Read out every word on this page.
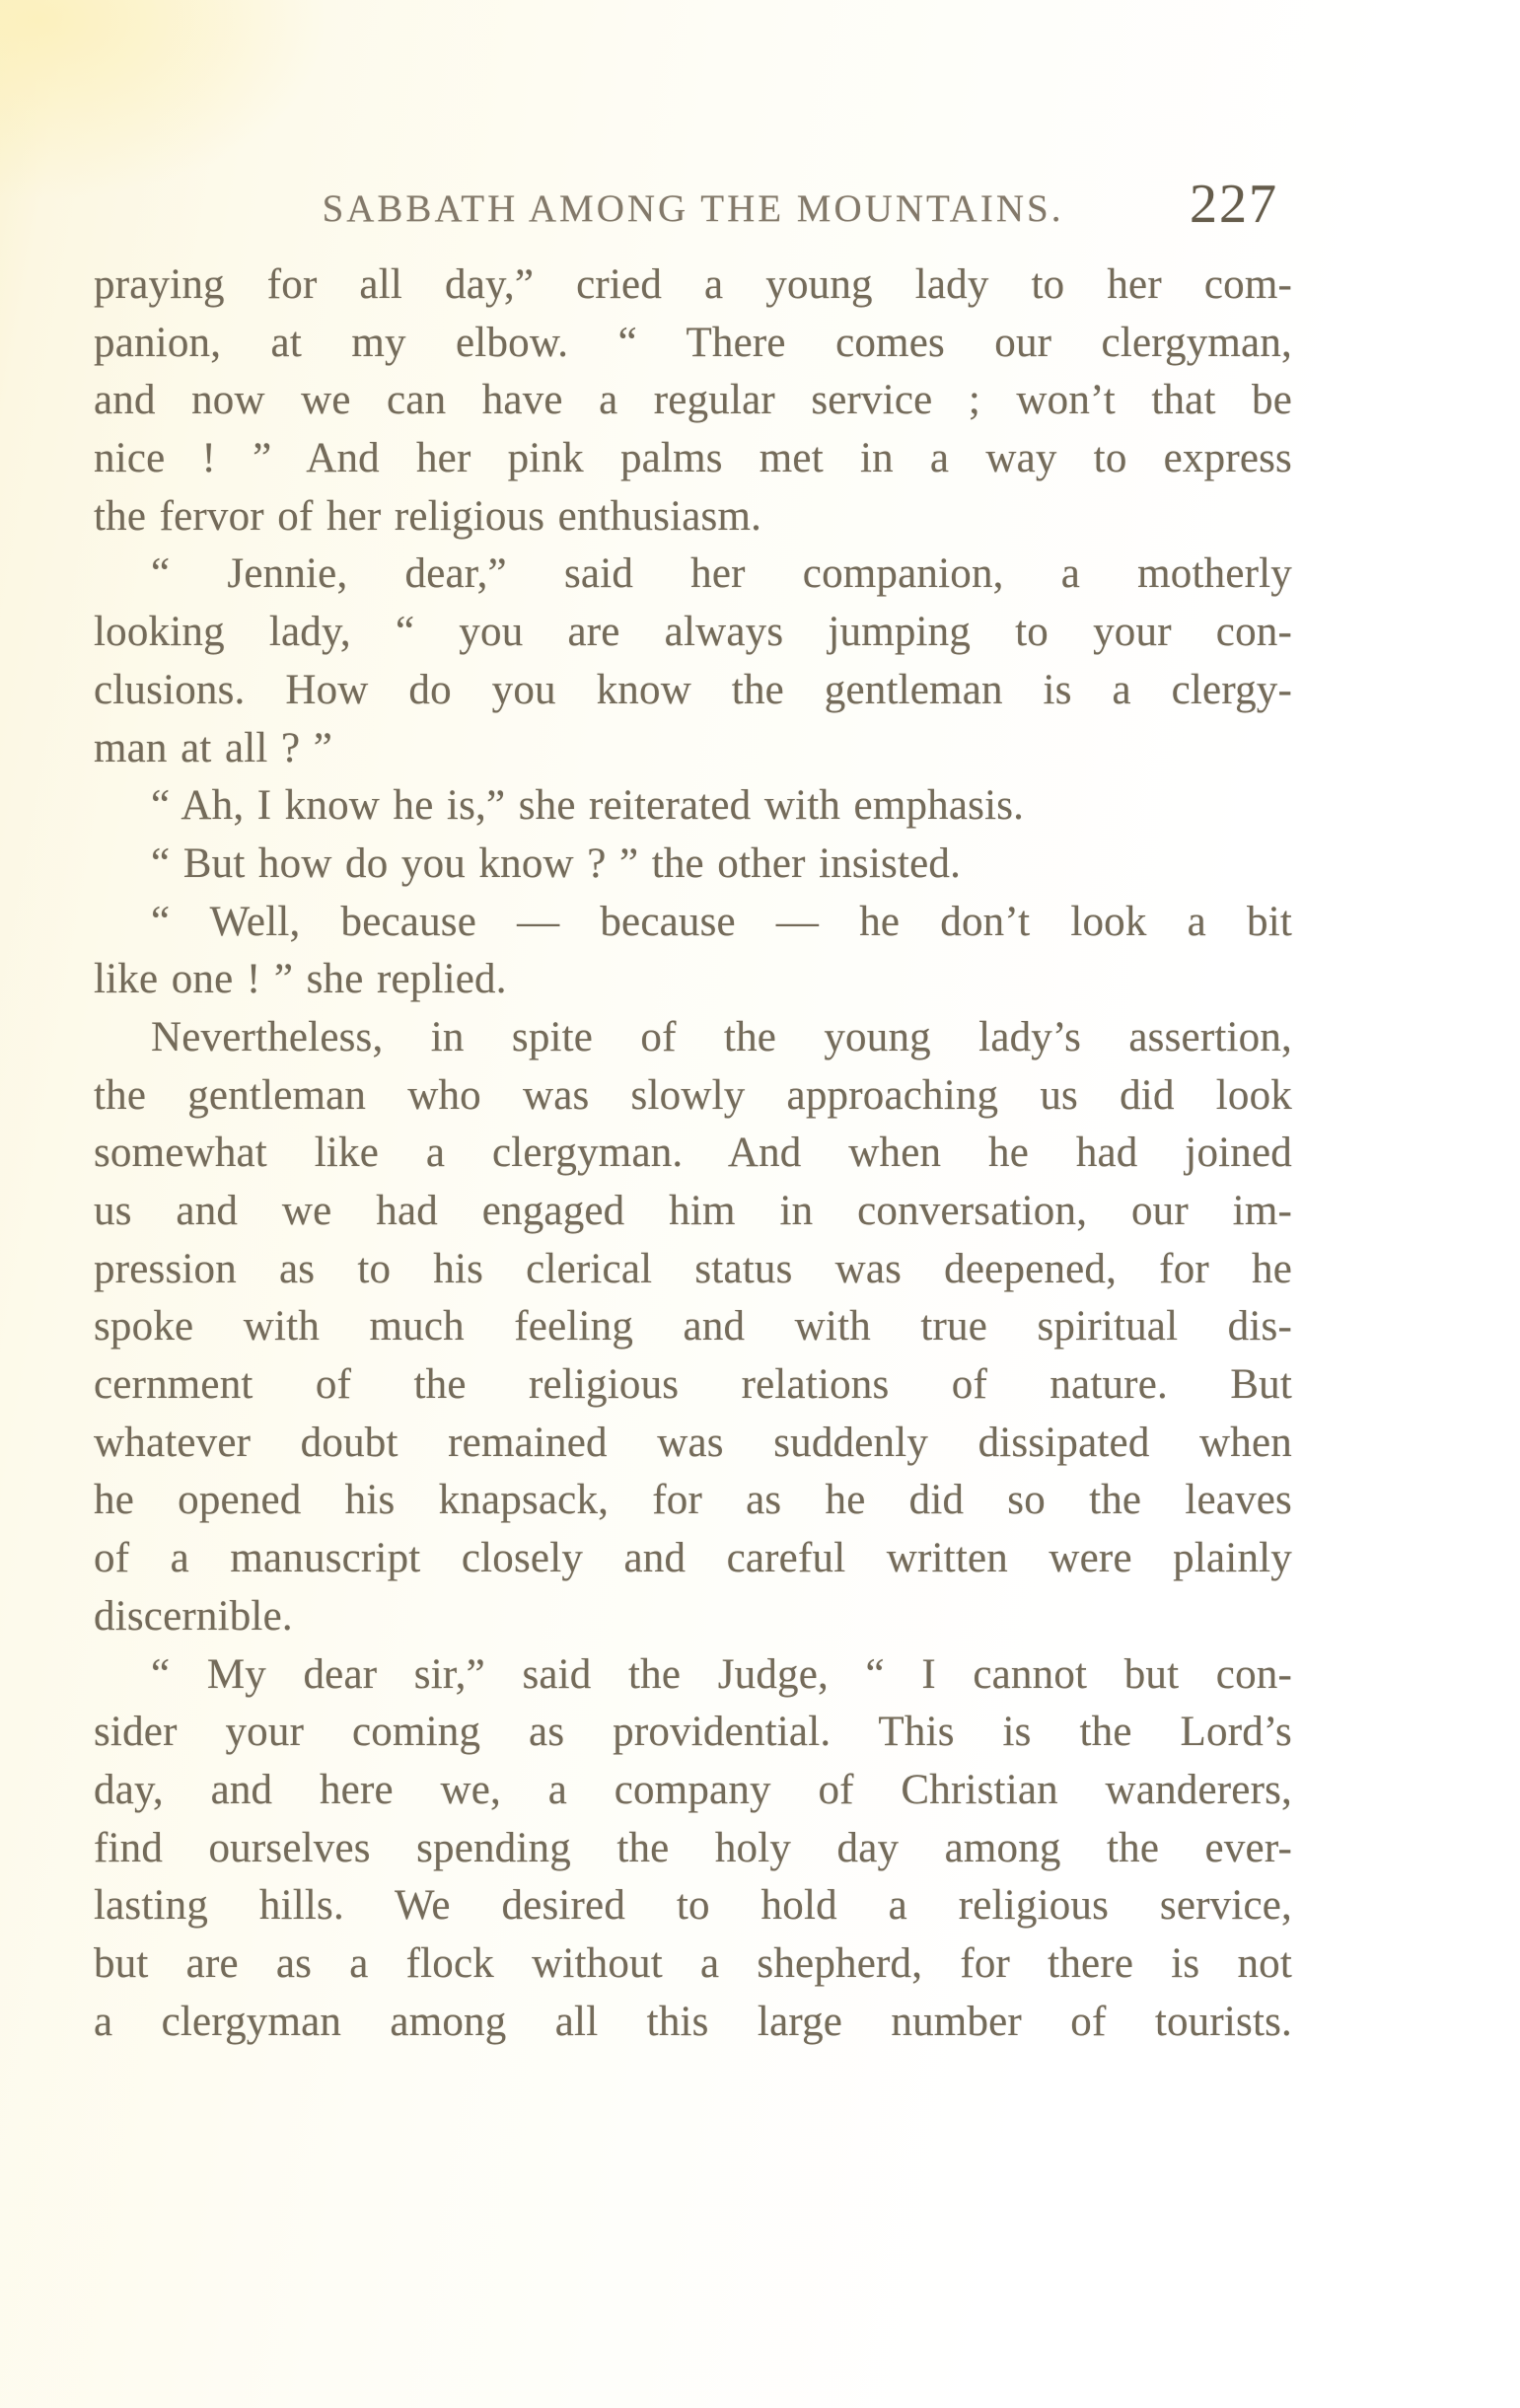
SABBATH AMONG THE MOUNTAINS.	227
praying for all day,” cried a young lady to her com-
panion, at my elbow. “ There comes our clergyman,
and now we can have a regular service ; won’t that be
nice ! ” And her pink palms met in a way to express
the fervor of her religious enthusiasm.
“ Jennie, dear,” said her companion, a motherly
looking lady, “ you are always jumping to your con-
clusions. How do you know the gentleman is a clergy-
man at all ? ”
“ Ah, I know he is,” she reiterated with emphasis.
“ But how do you know ? ” the other insisted.
“ Well, because — because — he don’t look a bit
like one ! ” she replied.
Nevertheless, in spite of the young lady’s assertion,
the gentleman who was slowly approaching us did look
somewhat like a clergyman. And when he had joined
us and we had engaged him in conversation, our im-
pression as to his clerical status was deepened, for he
spoke with much feeling and with true spiritual dis-
cernment of the religious relations of nature. But
whatever doubt remained was suddenly dissipated when
he opened his knapsack, for as he did so the leaves
of a manuscript closely and careful written were plainly
discernible.
“ My dear sir,” said the Judge, “ I cannot but con-
sider your coming as providential. This is the Lord’s
day, and here we, a company of Christian wanderers,
find ourselves spending the holy day among the ever-
lasting hills. We desired to hold a religious service,
but are as a flock without a shepherd, for there is not
a clergyman among all this large number of tourists.
